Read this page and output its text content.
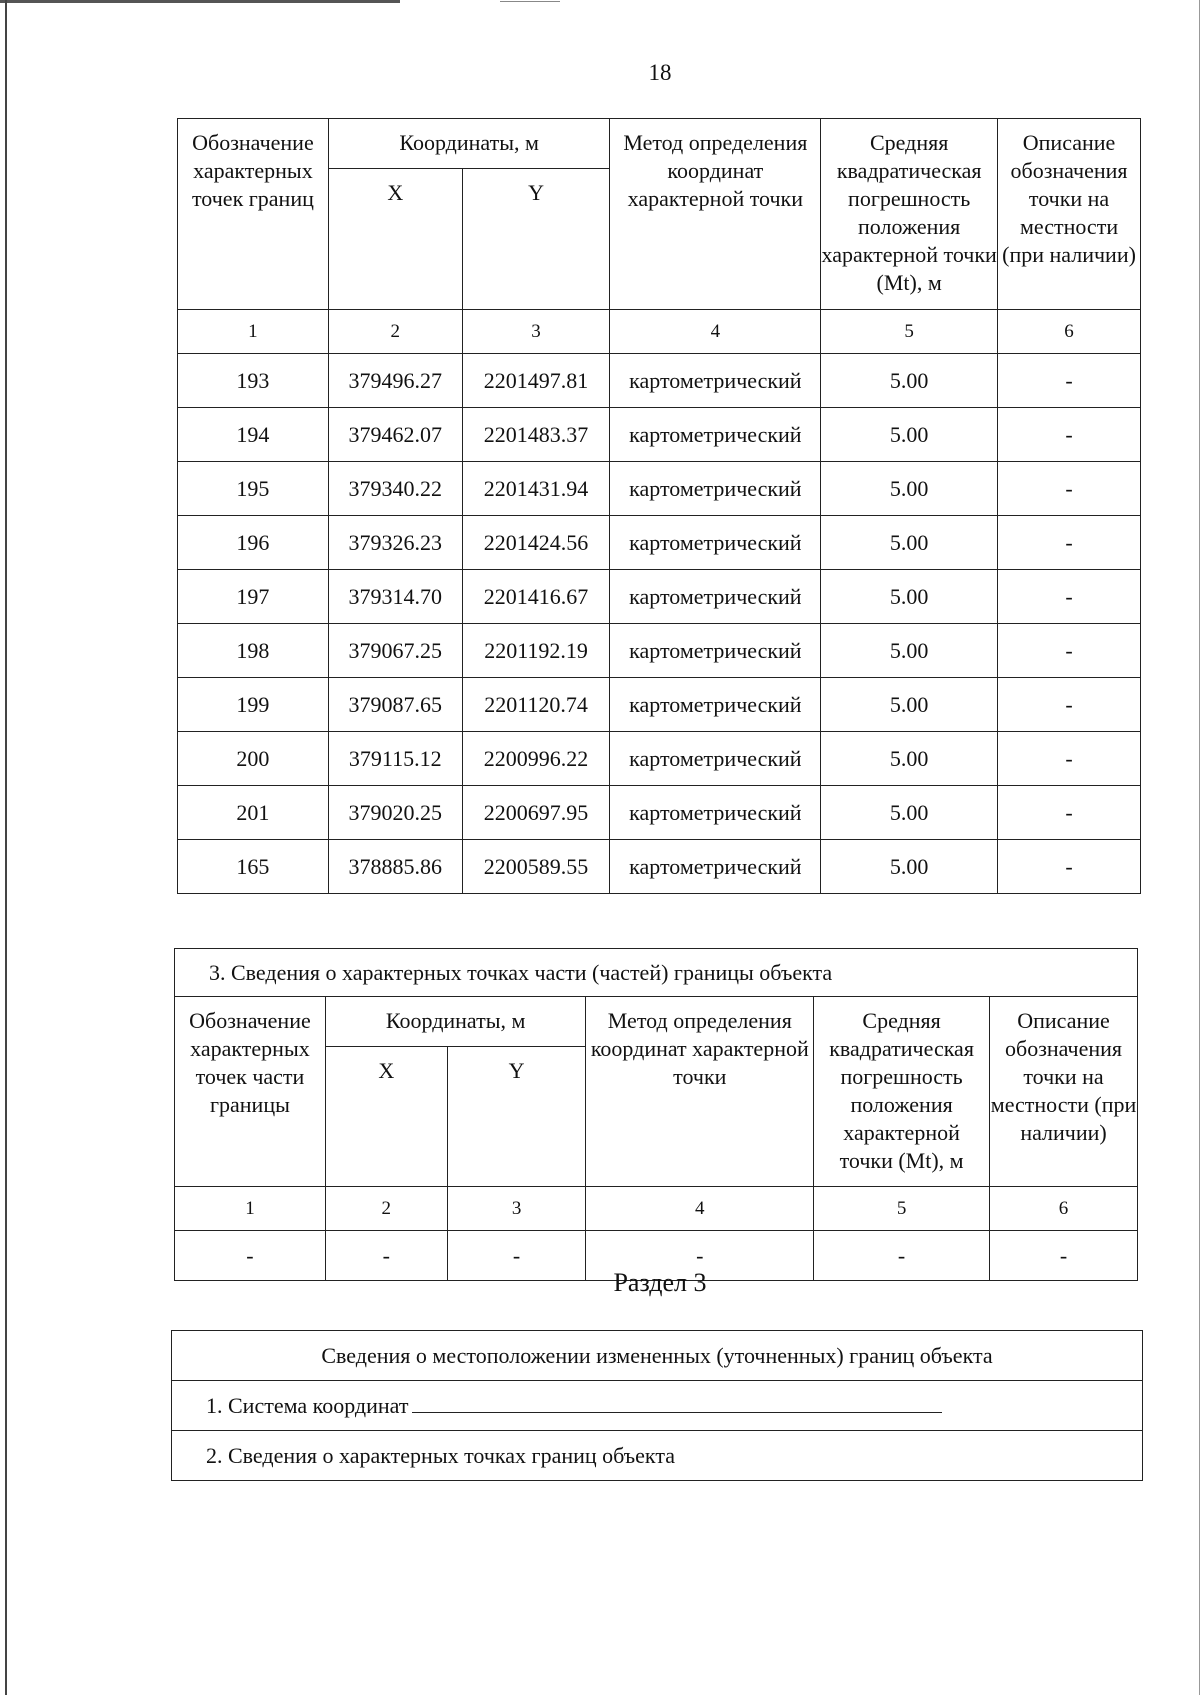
18
Обозначение характерных точек границ	Координаты, м		Метод определения координат характерной точки	Средняя квадратическая погрешность положения характерной точки (Mt), м	Описание обозначения точки на местности (при наличии)
	X	Y			
1	2	3	4	5	6
193	379496.27	2201497.81	картометрический	5.00	-
194	379462.07	2201483.37	картометрический	5.00	-
195	379340.22	2201431.94	картометрический	5.00	-
196	379326.23	2201424.56	картометрический	5.00	-
197	379314.70	2201416.67	картометрический	5.00	-
198	379067.25	2201192.19	картометрический	5.00	-
199	379087.65	2201120.74	картометрический	5.00	-
200	379115.12	2200996.22	картометрический	5.00	-
201	379020.25	2200697.95	картометрический	5.00	-
165	378885.86	2200589.55	картометрический	5.00	-
3. Сведения о характерных точках части (частей) границы объекта					
Обозначение характерных точек части границы	Координаты, м		Метод определения координат характерной точки	Средняя квадратическая погрешность положения характерной точки (Mt), м	Описание обозначения точки на местности (при наличии)
	X	Y			
1	2	3	4	5	6
-	-	-	-	-	-
Раздел 3
Сведения о местоположении измененных (уточненных) границ объекта
1. Система координат
2. Сведения о характерных точках границ объекта
